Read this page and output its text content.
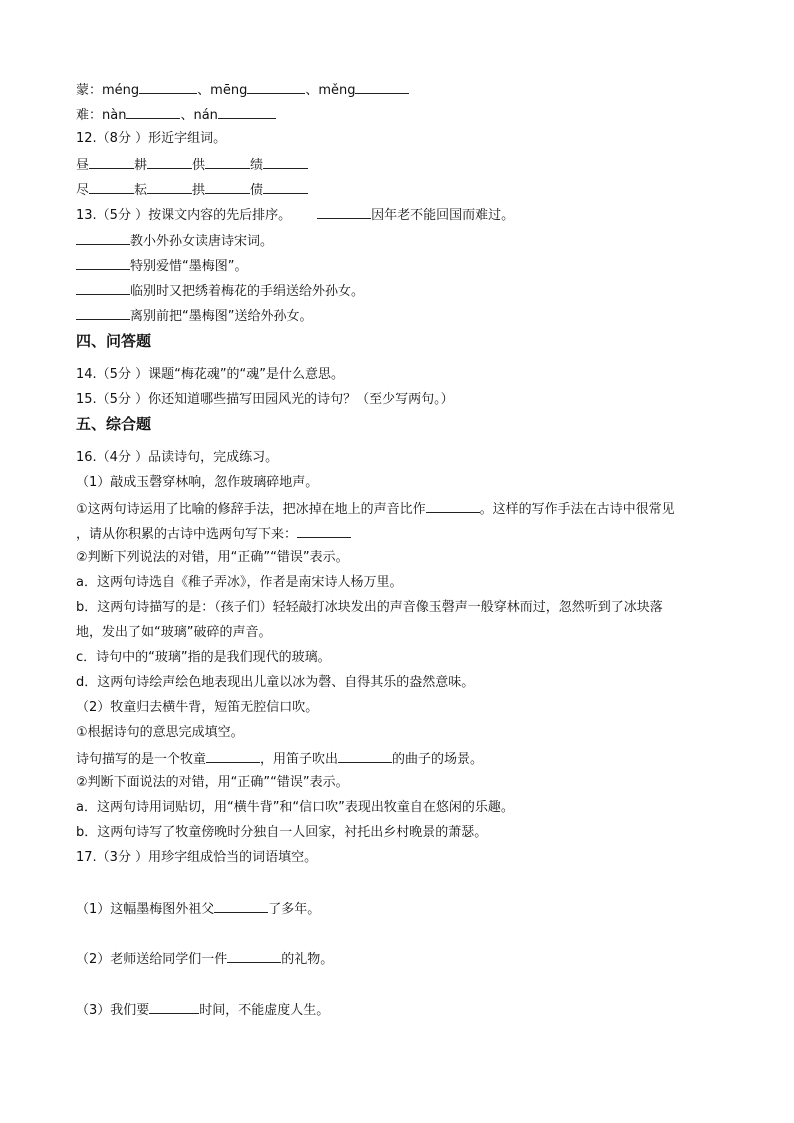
蒙：méng	、mēng	、měng
难：nàn	、nán
12.（8分 ）形近字组词。
昼	耕	供	绩
尽	耘	拱	债
13.（5分 ）按课文内容的先后排序。	因年老不能回国而难过。
教小外孙女读唐诗宋词。
特别爱惜“墨梅图”。
临别时又把绣着梅花的手绢送给外孙女。
离别前把“墨梅图”送给外孙女。
四、问答题
14.（5分 ）课题“梅花魂”的“魂”是什么意思。
15.（5分 ）你还知道哪些描写田园风光的诗句？（至少写两句。）
五、综合题
16.（4分 ）品读诗句，完成练习。
（1）敲成玉磬穿林响，忽作玻璃碎地声。
①这两句诗运用了比喻的修辞手法，把冰掉在地上的声音比作	。这样的写作手法在古诗中很常见
，请从你积累的古诗中选两句写下来：
②判断下列说法的对错，用“正确”“错误”表示。
a．这两句诗选自《稚子弄冰》，作者是南宋诗人杨万里。
b．这两句诗描写的是：（孩子们）轻轻敲打冰块发出的声音像玉磬声一般穿林而过，忽然听到了冰块落
地，发出了如“玻璃”破碎的声音。
c．诗句中的“玻璃”指的是我们现代的玻璃。
d．这两句诗绘声绘色地表现出儿童以冰为磬、自得其乐的盎然意味。
（2）牧童归去横牛背，短笛无腔信口吹。
①根据诗句的意思完成填空。
诗句描写的是一个牧童	，用笛子吹出	的曲子的场景。
②判断下面说法的对错，用“正确”“错误”表示。
a．这两句诗用词贴切，用“横牛背”和“信口吹”表现出牧童自在悠闲的乐趣。
b．这两句诗写了牧童傍晚时分独自一人回家，衬托出乡村晚景的萧瑟。
17.（3分 ）用珍字组成恰当的词语填空。
（1）这幅墨梅图外祖父	了多年。
（2）老师送给同学们一件	的礼物。
（3）我们要	时间，不能虚度人生。
